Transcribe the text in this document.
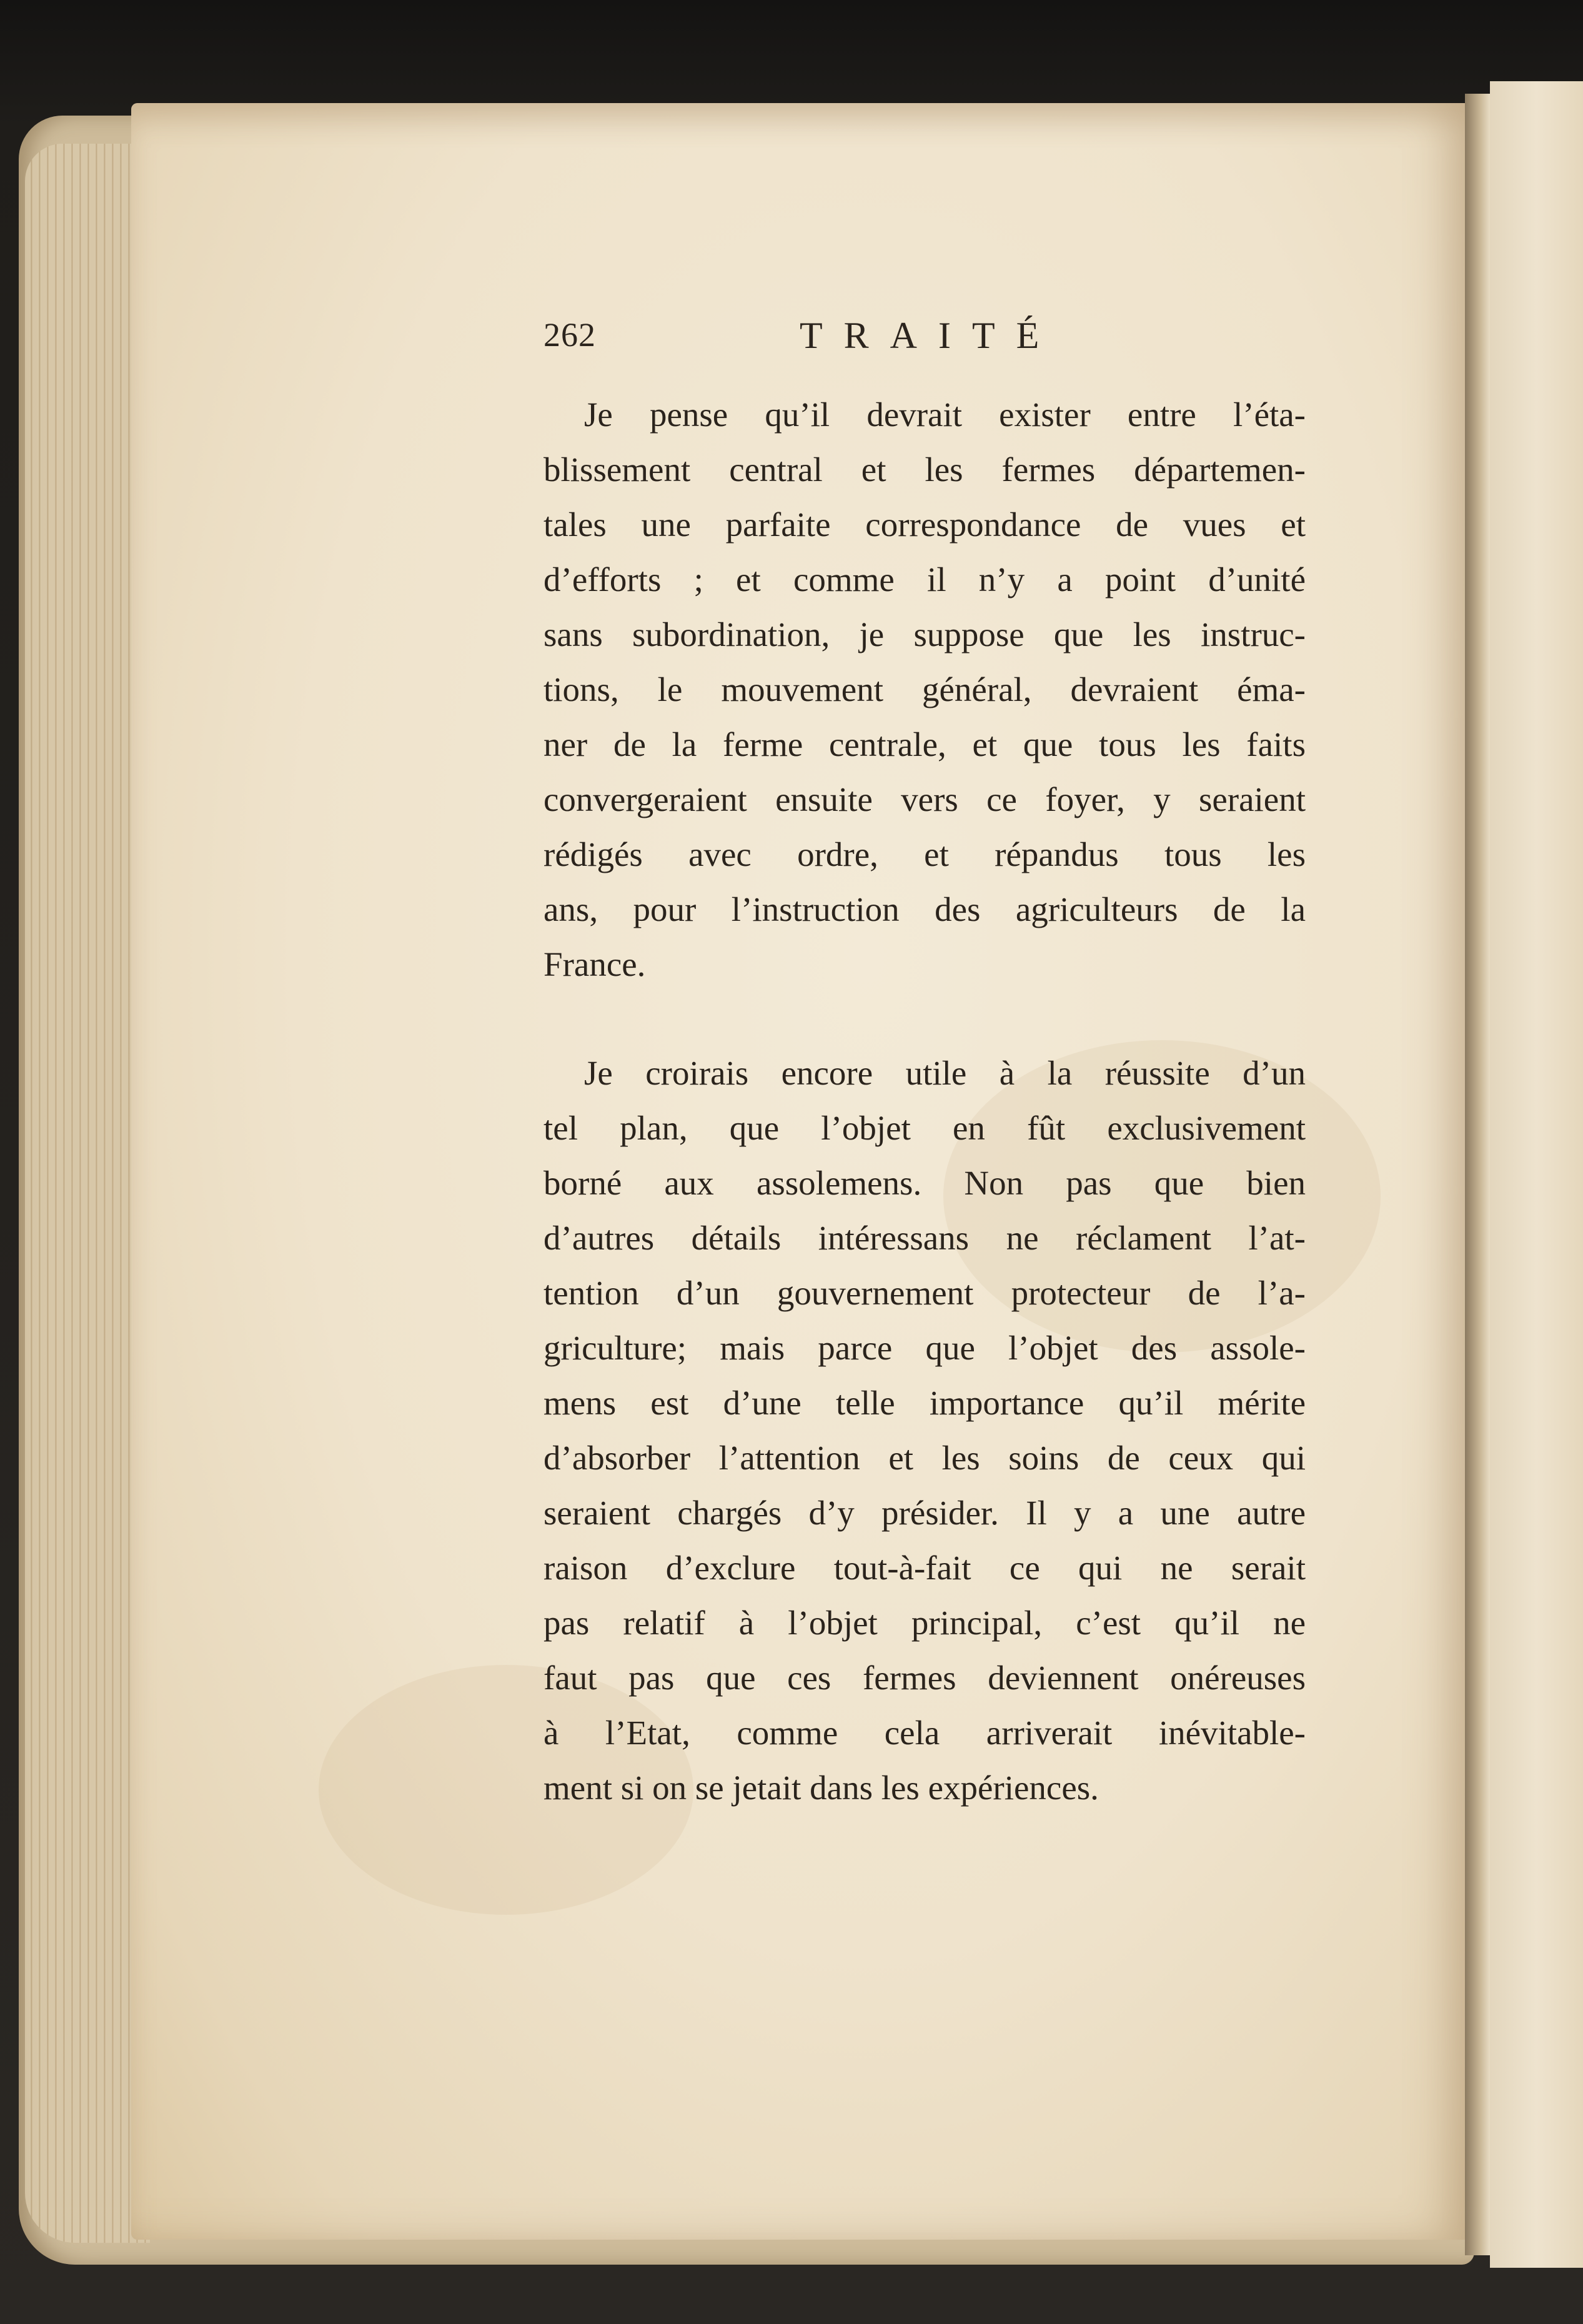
262	TRAITÉ
Je pense qu’il devrait exister entre l’éta-
blissement central et les fermes départemen-
tales une parfaite correspondance de vues et
d’efforts ; et comme il n’y a point d’unité
sans subordination, je suppose que les instruc-
tions, le mouvement général, devraient éma-
ner de la ferme centrale, et que tous les faits
convergeraient ensuite vers ce foyer, y seraient
rédigés avec ordre, et répandus tous les
ans, pour l’instruction des agriculteurs de la
France.
Je croirais encore utile à la réussite d’un
tel plan, que l’objet en fût exclusivement
borné aux assolemens. Non pas que bien
d’autres détails intéressans ne réclament l’at-
tention d’un gouvernement protecteur de l’a-
griculture; mais parce que l’objet des assole-
mens est d’une telle importance qu’il mérite
d’absorber l’attention et les soins de ceux qui
seraient chargés d’y présider. Il y a une autre
raison d’exclure tout-à-fait ce qui ne serait
pas relatif à l’objet principal, c’est qu’il ne
faut pas que ces fermes deviennent onéreuses
à l’Etat, comme cela arriverait inévitable-
ment si on se jetait dans les expériences.
